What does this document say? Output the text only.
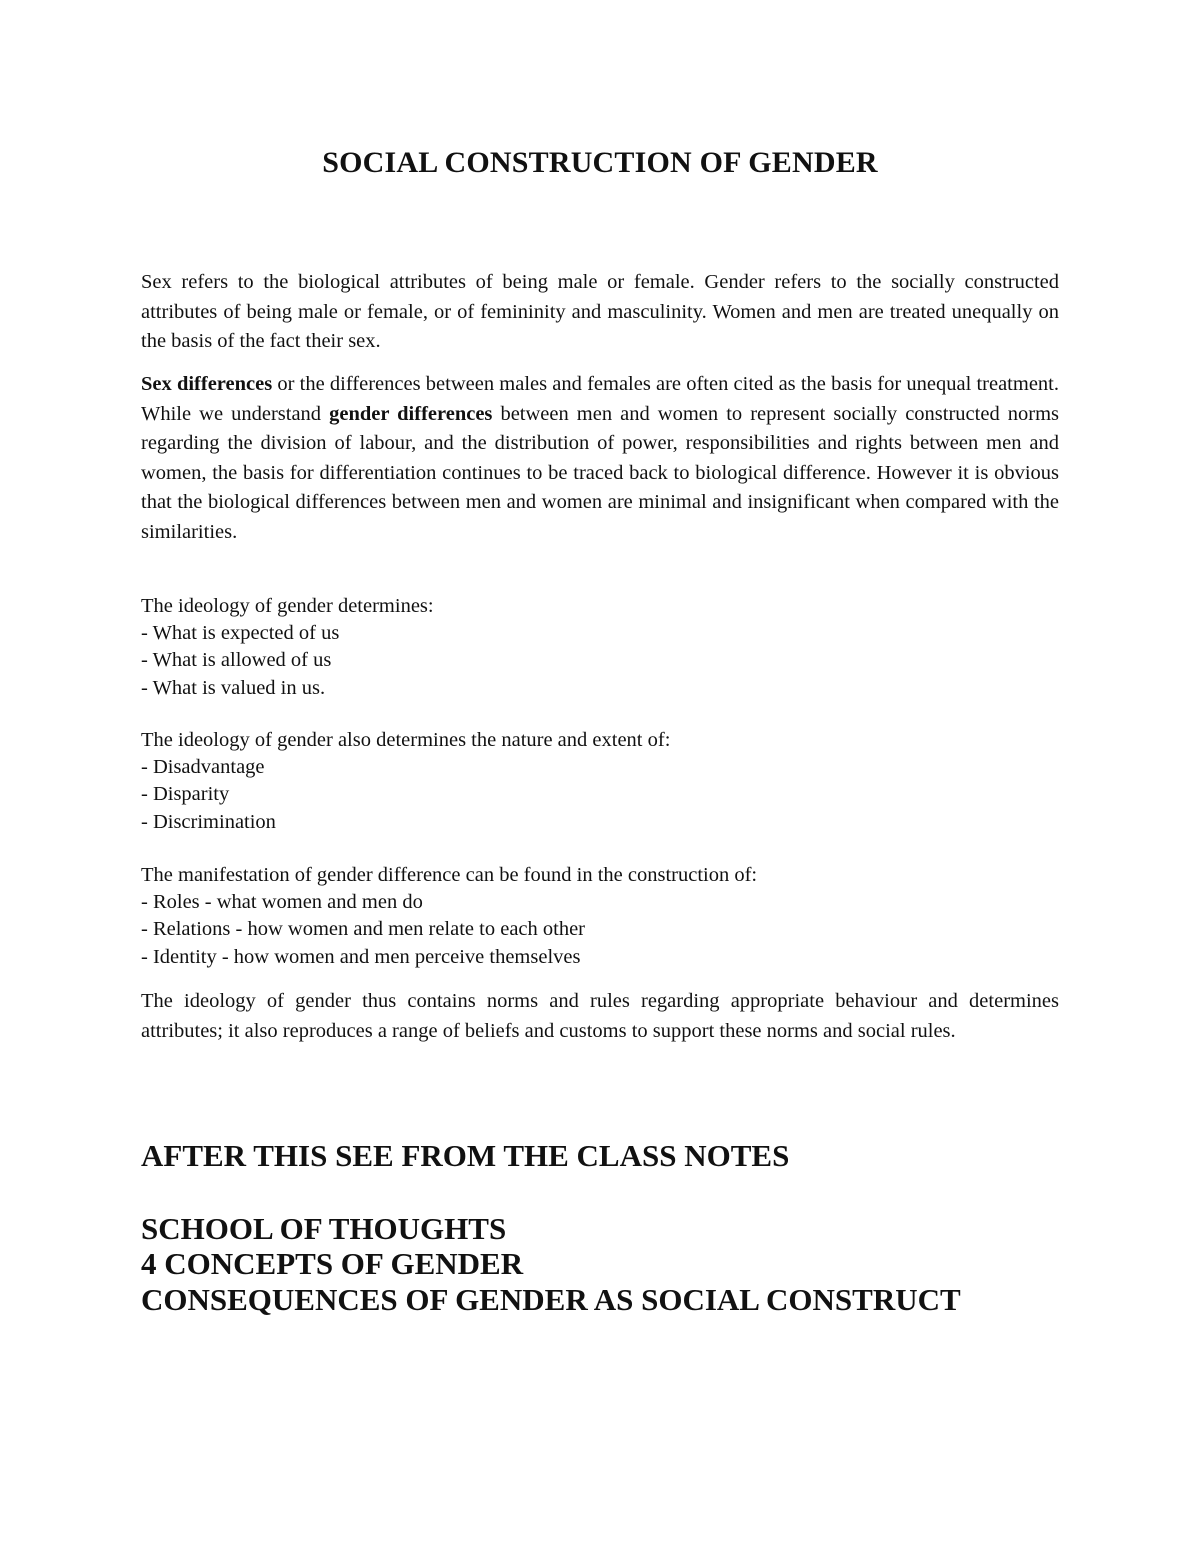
SOCIAL CONSTRUCTION OF GENDER

Sex refers to the biological attributes of being male or female. Gender refers to the socially constructed attributes of being male or female, or of femininity and masculinity. Women and men are treated unequally on the basis of the fact their sex.

Sex differences or the differences between males and females are often cited as the basis for unequal treatment. While we understand gender differences between men and women to represent socially constructed norms regarding the division of labour, and the distribution of power, responsibilities and rights between men and women, the basis for differentiation continues to be traced back to biological difference. However it is obvious that the biological differences between men and women are minimal and insignificant when compared with the similarities.

The ideology of gender determines:
- What is expected of us
- What is allowed of us
- What is valued in us.
The ideology of gender also determines the nature and extent of:
- Disadvantage
- Disparity
- Discrimination
The manifestation of gender difference can be found in the construction of:
- Roles - what women and men do
- Relations - how women and men relate to each other
- Identity - how women and men perceive themselves

The ideology of gender thus contains norms and rules regarding appropriate behaviour and determines attributes; it also reproduces a range of beliefs and customs to support these norms and social rules.

AFTER THIS SEE FROM THE CLASS NOTES
SCHOOL OF THOUGHTS
4 CONCEPTS OF GENDER
CONSEQUENCES OF GENDER AS SOCIAL CONSTRUCT
